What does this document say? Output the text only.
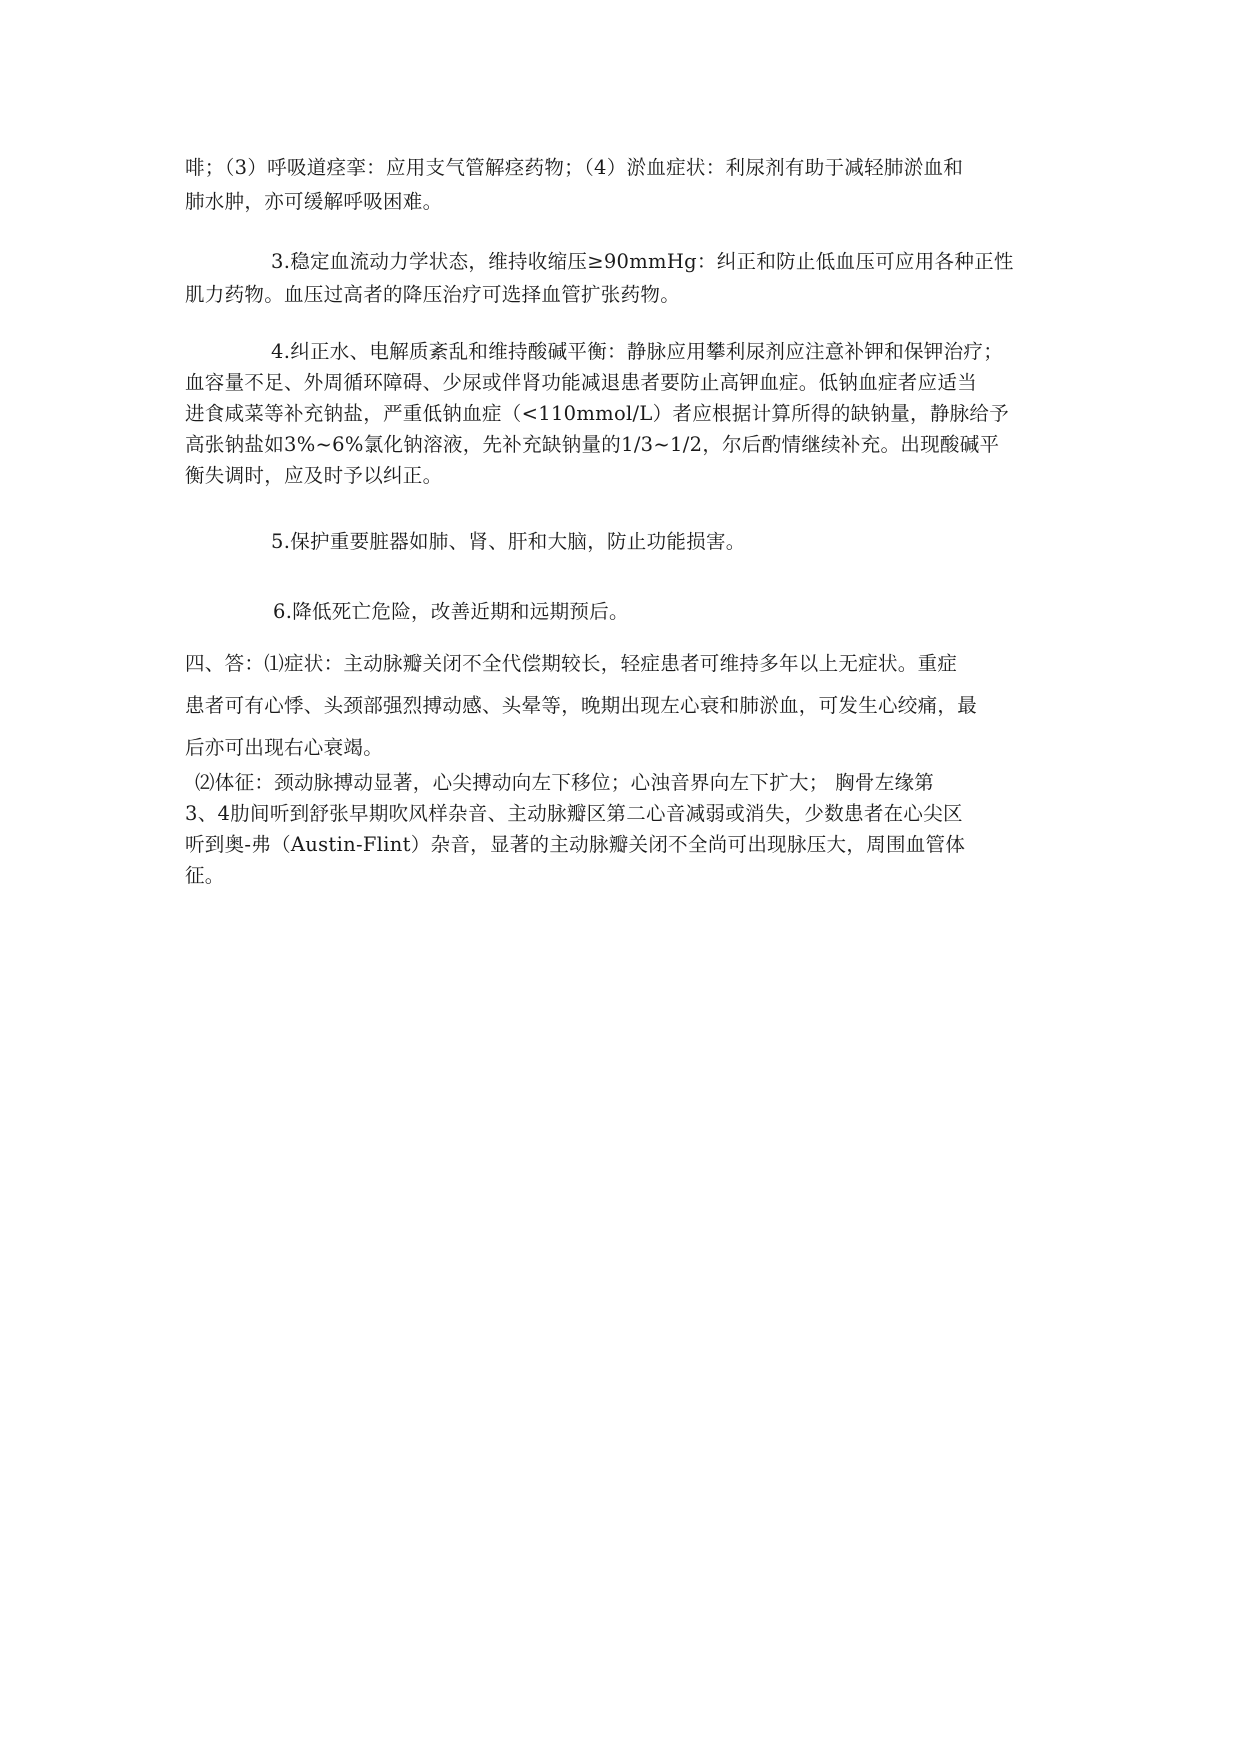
啡；（3）呼吸道痉挛：应用支气管解痉药物；（4）淤血症状：利尿剂有助于减轻肺淤血和
肺水肿，亦可缓解呼吸困难。
3.稳定血流动力学状态，维持收缩压≥90mmHg：纠正和防止低血压可应用各种正性
肌力药物。血压过高者的降压治疗可选择血管扩张药物。
4.纠正水、电解质紊乱和维持酸碱平衡：静脉应用攀利尿剂应注意补钾和保钾治疗；
血容量不足、外周循环障碍、少尿或伴肾功能减退患者要防止高钾血症。低钠血症者应适当
进食咸菜等补充钠盐，严重低钠血症（<110mmol/L）者应根据计算所得的缺钠量，静脉给予
高张钠盐如3%~6%氯化钠溶液，先补充缺钠量的1/3~1/2，尔后酌情继续补充。出现酸碱平
衡失调时，应及时予以纠正。
5.保护重要脏器如肺、肾、肝和大脑，防止功能损害。
6.降低死亡危险，改善近期和远期预后。
四、答：⑴症状：主动脉瓣关闭不全代偿期较长，轻症患者可维持多年以上无症状。重症
患者可有心悸、头颈部强烈搏动感、头晕等，晚期出现左心衰和肺淤血，可发生心绞痛，最
后亦可出现右心衰竭。
⑵体征：颈动脉搏动显著，心尖搏动向左下移位；心浊音界向左下扩大； 胸骨左缘第
3、4肋间听到舒张早期吹风样杂音、主动脉瓣区第二心音减弱或消失，少数患者在心尖区
听到奥-弗（Austin-Flint）杂音，显著的主动脉瓣关闭不全尚可出现脉压大，周围血管体
征。
